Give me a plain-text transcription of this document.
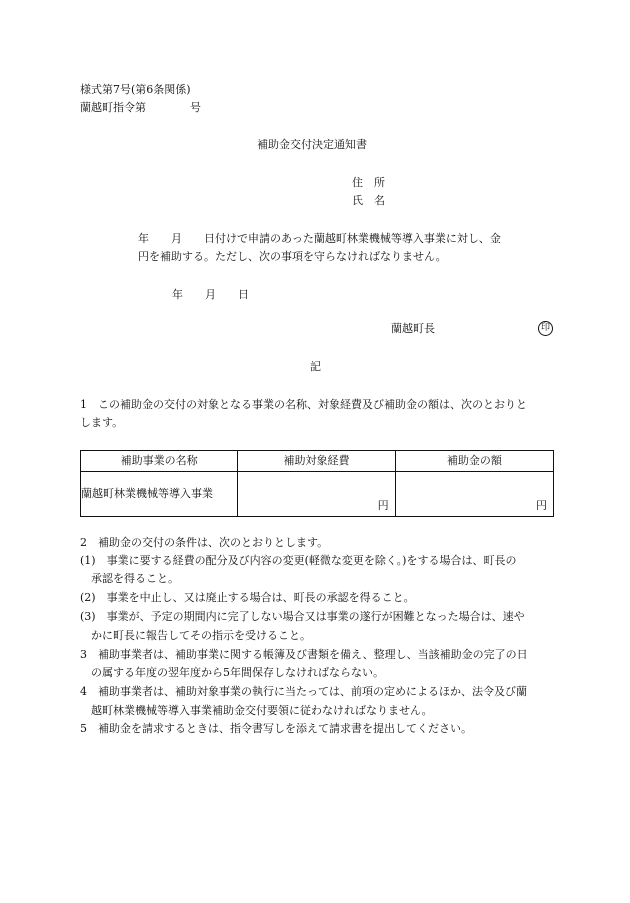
様式第7号(第6条関係)
蘭越町指令第　　　　号
補助金交付決定通知書
住　所
氏　名
年　　月　　日付けで申請のあった蘭越町林業機械等導入事業に対し、金
円を補助する。ただし、次の事項を守らなければなりません。
年　　月　　日
蘭越町長	印
記
1　この補助金の交付の対象となる事業の名称、対象経費及び補助金の額は、次のとおりと
します。
補助事業の名称	補助対象経費	補助金の額
蘭越町林業機械等導入事業	円	円
2　補助金の交付の条件は、次のとおりとします。
(1)　事業に要する経費の配分及び内容の変更(軽微な変更を除く。)をする場合は、町長の
　承認を得ること。
(2)　事業を中止し、又は廃止する場合は、町長の承認を得ること。
(3)　事業が、予定の期間内に完了しない場合又は事業の遂行が困難となった場合は、速や
　かに町長に報告してその指示を受けること。
3　補助事業者は、補助事業に関する帳簿及び書類を備え、整理し、当該補助金の完了の日
　の属する年度の翌年度から5年間保存しなければならない。
4　補助事業者は、補助対象事業の執行に当たっては、前項の定めによるほか、法令及び蘭
　越町林業機械等導入事業補助金交付要領に従わなければなりません。
5　補助金を請求するときは、指令書写しを添えて請求書を提出してください。
